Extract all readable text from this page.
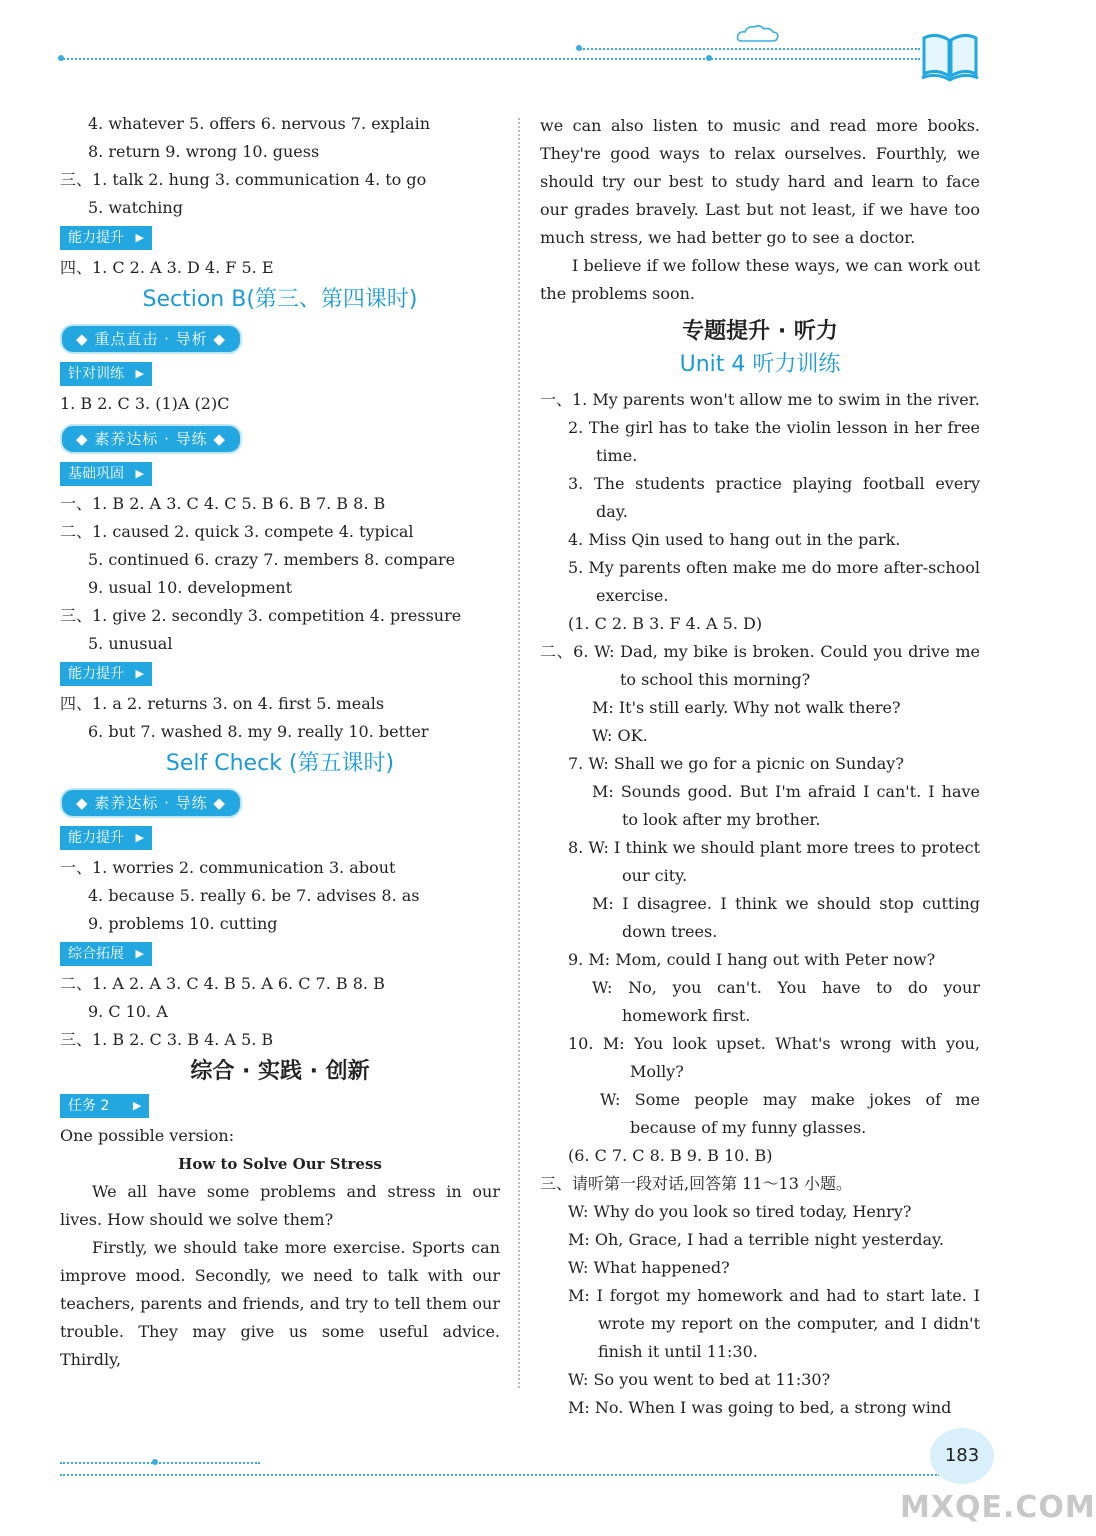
4. whatever 5. offers 6. nervous 7. explain
8. return 9. wrong 10. guess
三、1. talk 2. hung 3. communication 4. to go
5. watching
能力提升 ▶
四、1. C 2. A 3. D 4. F 5. E
Section B(第三、第四课时)
◆ 重点直击 · 导析 ◆
针对训练 ▶
1. B 2. C 3. (1)A (2)C
◆ 素养达标 · 导练 ◆
基础巩固 ▶
一、1. B 2. A 3. C 4. C 5. B 6. B 7. B 8. B
二、1. caused 2. quick 3. compete 4. typical
5. continued 6. crazy 7. members 8. compare
9. usual 10. development
三、1. give 2. secondly 3. competition 4. pressure
5. unusual
能力提升 ▶
四、1. a 2. returns 3. on 4. first 5. meals
6. but 7. washed 8. my 9. really 10. better
Self Check (第五课时)
◆ 素养达标 · 导练 ◆
能力提升 ▶
一、1. worries 2. communication 3. about
4. because 5. really 6. be 7. advises 8. as
9. problems 10. cutting
综合拓展 ▶
二、1. A 2. A 3. C 4. B 5. A 6. C 7. B 8. B
9. C 10. A
三、1. B 2. C 3. B 4. A 5. B
综合 · 实践 · 创新
任务 2 ▶
One possible version:
How to Solve Our Stress
We all have some problems and stress in our lives. How should we solve them?
Firstly, we should take more exercise. Sports can improve mood. Secondly, we need to talk with our teachers, parents and friends, and try to tell them our trouble. They may give us some useful advice. Thirdly,
we can also listen to music and read more books. They're good ways to relax ourselves. Fourthly, we should try our best to study hard and learn to face our grades bravely. Last but not least, if we have too much stress, we had better go to see a doctor.
I believe if we follow these ways, we can work out the problems soon.
专题提升 · 听力
Unit 4 听力训练
一、1. My parents won't allow me to swim in the river.
2. The girl has to take the violin lesson in her free time.
3. The students practice playing football every day.
4. Miss Qin used to hang out in the park.
5. My parents often make me do more after-school exercise.
(1. C 2. B 3. F 4. A 5. D)
二、6. W: Dad, my bike is broken. Could you drive me to school this morning?
M: It's still early. Why not walk there?
W: OK.
7. W: Shall we go for a picnic on Sunday?
M: Sounds good. But I'm afraid I can't. I have to look after my brother.
8. W: I think we should plant more trees to protect our city.
M: I disagree. I think we should stop cutting down trees.
9. M: Mom, could I hang out with Peter now?
W: No, you can't. You have to do your homework first.
10. M: You look upset. What's wrong with you, Molly?
W: Some people may make jokes of me because of my funny glasses.
(6. C 7. C 8. B 9. B 10. B)
三、请听第一段对话,回答第 11～13 小题。
W: Why do you look so tired today, Henry?
M: Oh, Grace, I had a terrible night yesterday.
W: What happened?
M: I forgot my homework and had to start late. I wrote my report on the computer, and I didn't finish it until 11:30.
W: So you went to bed at 11:30?
M: No. When I was going to bed, a strong wind
183
MXQE.COM
